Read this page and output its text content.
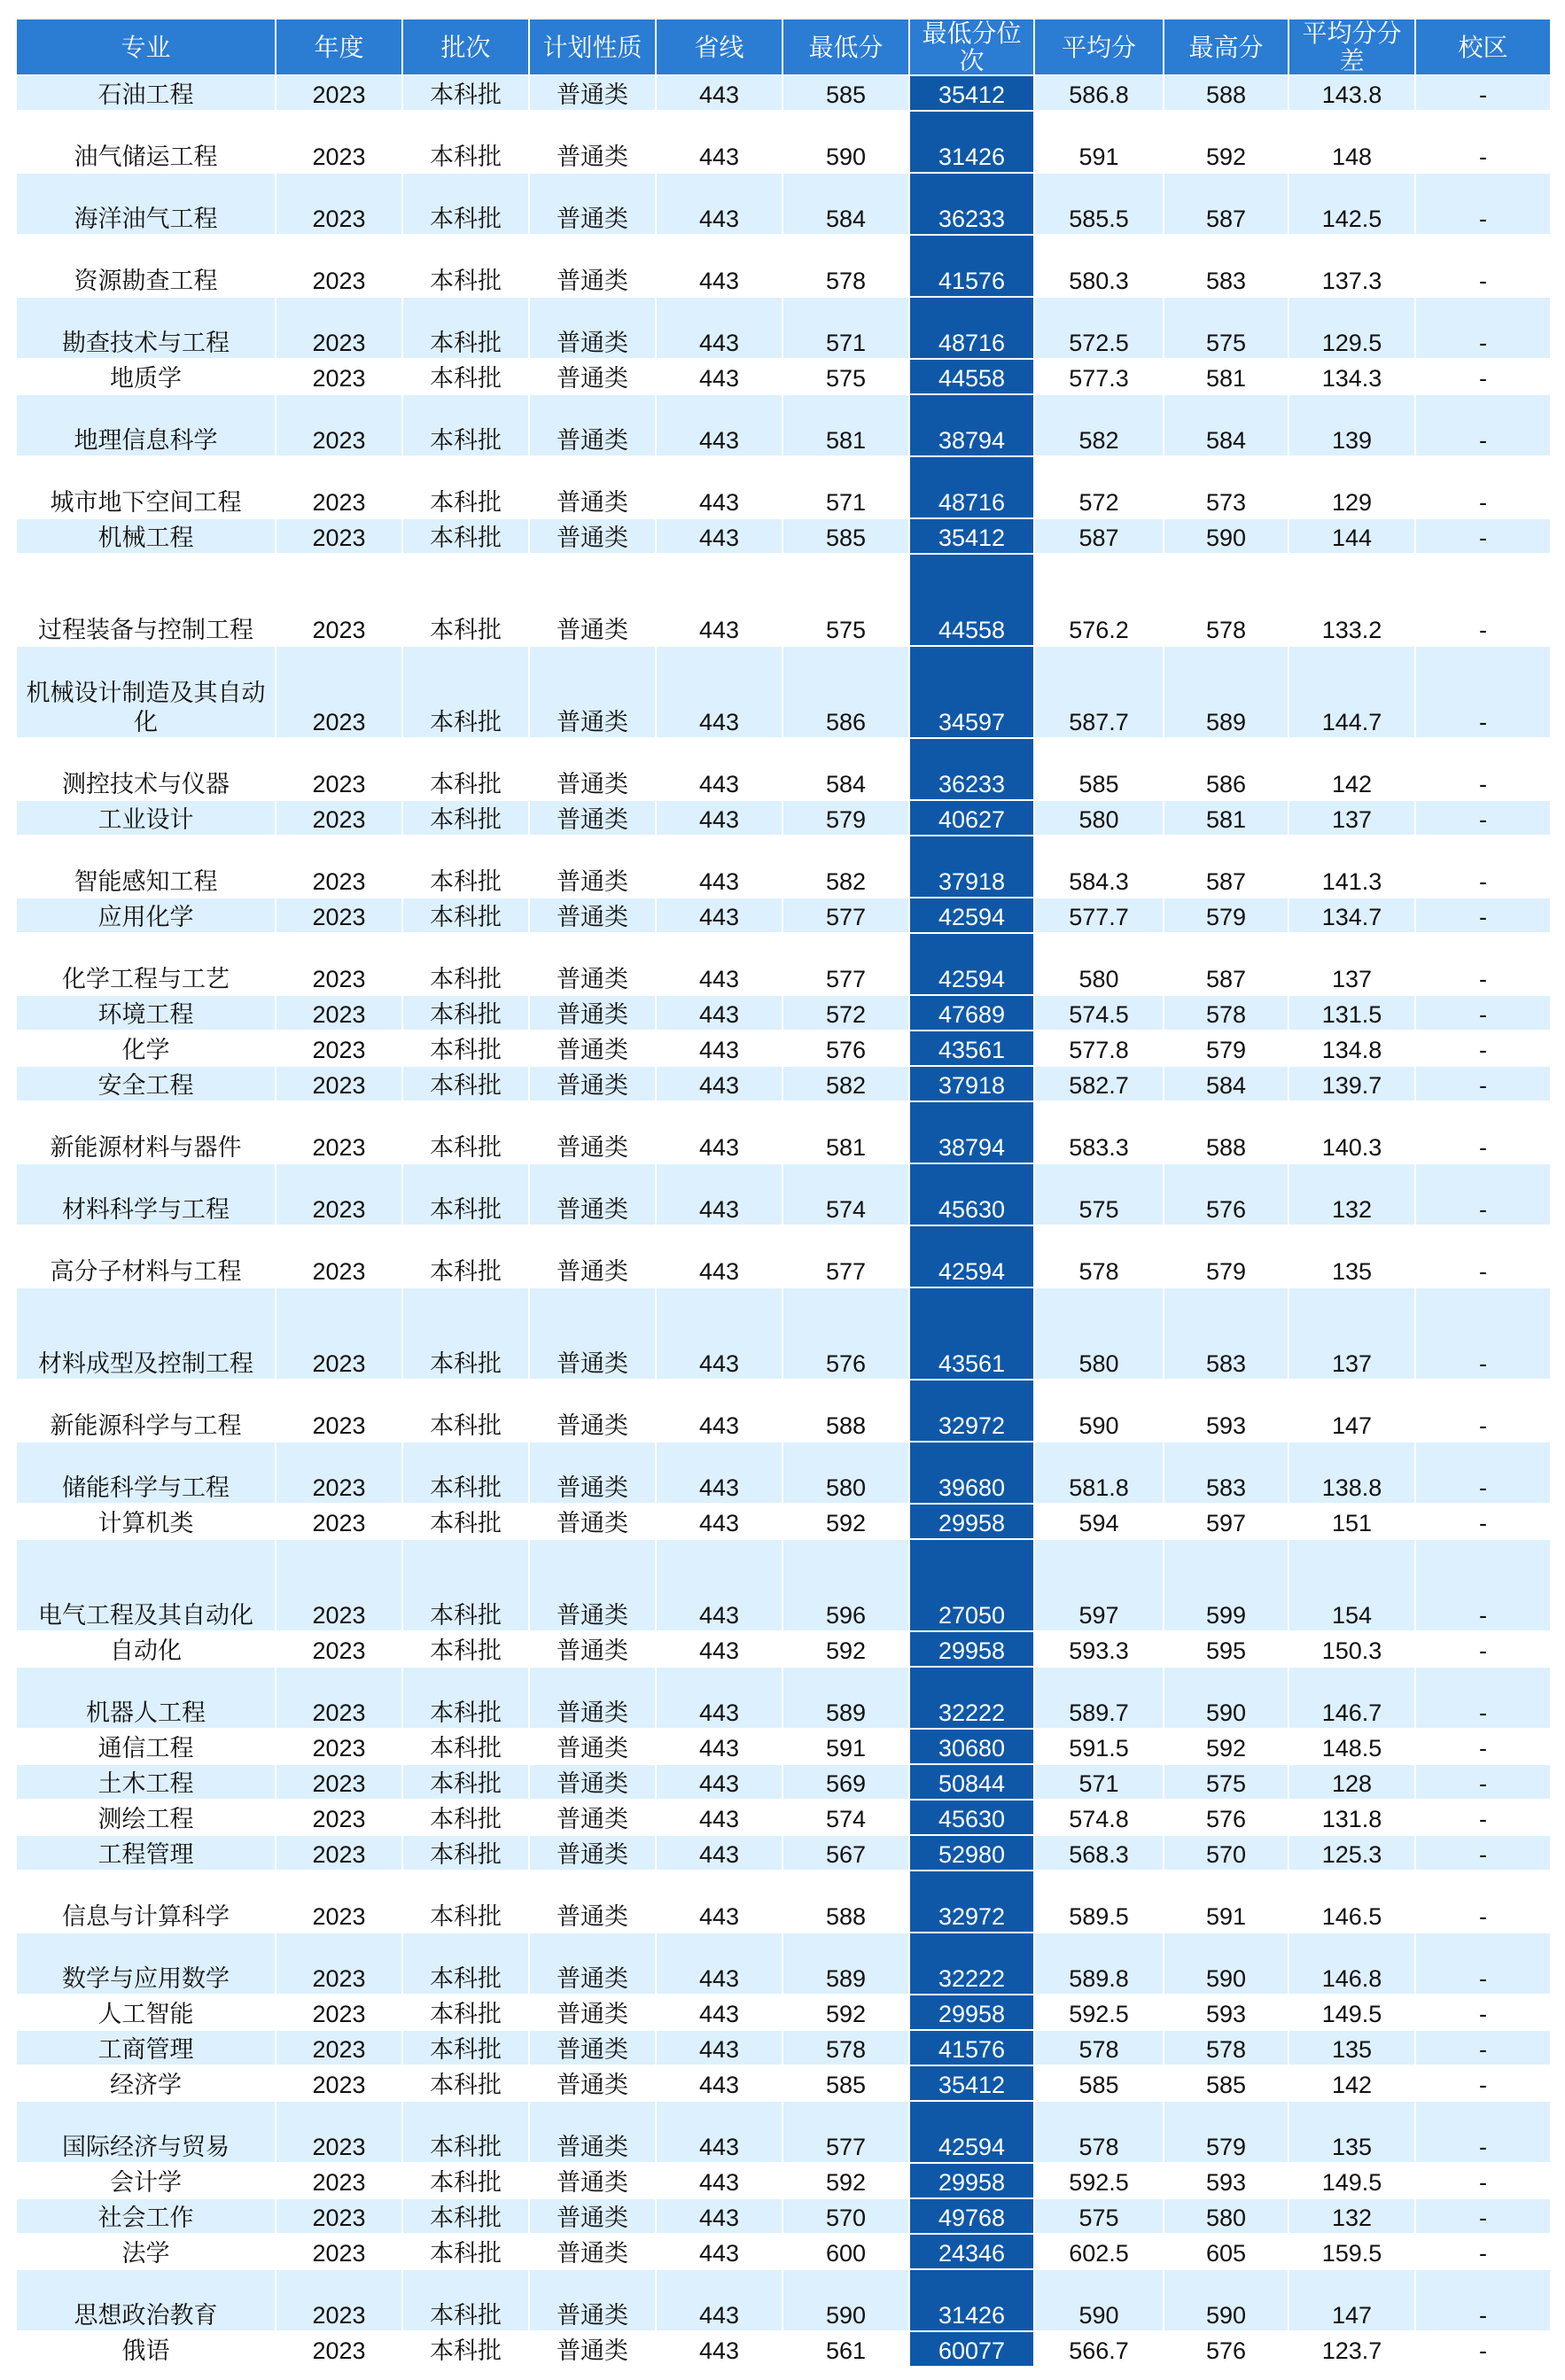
专业	年度	批次	计划性质	省线	最低分	最低分位次	平均分	最高分	平均分分差	校区
石油工程	2023	本科批	普通类	443	585	35412	586.8	588	143.8	-
油气储运工程	2023	本科批	普通类	443	590	31426	591	592	148	-
海洋油气工程	2023	本科批	普通类	443	584	36233	585.5	587	142.5	-
资源勘查工程	2023	本科批	普通类	443	578	41576	580.3	583	137.3	-
勘查技术与工程	2023	本科批	普通类	443	571	48716	572.5	575	129.5	-
地质学	2023	本科批	普通类	443	575	44558	577.3	581	134.3	-
地理信息科学	2023	本科批	普通类	443	581	38794	582	584	139	-
城市地下空间工程	2023	本科批	普通类	443	571	48716	572	573	129	-
机械工程	2023	本科批	普通类	443	585	35412	587	590	144	-
过程装备与控制工程	2023	本科批	普通类	443	575	44558	576.2	578	133.2	-
机械设计制造及其自动化	2023	本科批	普通类	443	586	34597	587.7	589	144.7	-
测控技术与仪器	2023	本科批	普通类	443	584	36233	585	586	142	-
工业设计	2023	本科批	普通类	443	579	40627	580	581	137	-
智能感知工程	2023	本科批	普通类	443	582	37918	584.3	587	141.3	-
应用化学	2023	本科批	普通类	443	577	42594	577.7	579	134.7	-
化学工程与工艺	2023	本科批	普通类	443	577	42594	580	587	137	-
环境工程	2023	本科批	普通类	443	572	47689	574.5	578	131.5	-
化学	2023	本科批	普通类	443	576	43561	577.8	579	134.8	-
安全工程	2023	本科批	普通类	443	582	37918	582.7	584	139.7	-
新能源材料与器件	2023	本科批	普通类	443	581	38794	583.3	588	140.3	-
材料科学与工程	2023	本科批	普通类	443	574	45630	575	576	132	-
高分子材料与工程	2023	本科批	普通类	443	577	42594	578	579	135	-
材料成型及控制工程	2023	本科批	普通类	443	576	43561	580	583	137	-
新能源科学与工程	2023	本科批	普通类	443	588	32972	590	593	147	-
储能科学与工程	2023	本科批	普通类	443	580	39680	581.8	583	138.8	-
计算机类	2023	本科批	普通类	443	592	29958	594	597	151	-
电气工程及其自动化	2023	本科批	普通类	443	596	27050	597	599	154	-
自动化	2023	本科批	普通类	443	592	29958	593.3	595	150.3	-
机器人工程	2023	本科批	普通类	443	589	32222	589.7	590	146.7	-
通信工程	2023	本科批	普通类	443	591	30680	591.5	592	148.5	-
土木工程	2023	本科批	普通类	443	569	50844	571	575	128	-
测绘工程	2023	本科批	普通类	443	574	45630	574.8	576	131.8	-
工程管理	2023	本科批	普通类	443	567	52980	568.3	570	125.3	-
信息与计算科学	2023	本科批	普通类	443	588	32972	589.5	591	146.5	-
数学与应用数学	2023	本科批	普通类	443	589	32222	589.8	590	146.8	-
人工智能	2023	本科批	普通类	443	592	29958	592.5	593	149.5	-
工商管理	2023	本科批	普通类	443	578	41576	578	578	135	-
经济学	2023	本科批	普通类	443	585	35412	585	585	142	-
国际经济与贸易	2023	本科批	普通类	443	577	42594	578	579	135	-
会计学	2023	本科批	普通类	443	592	29958	592.5	593	149.5	-
社会工作	2023	本科批	普通类	443	570	49768	575	580	132	-
法学	2023	本科批	普通类	443	600	24346	602.5	605	159.5	-
思想政治教育	2023	本科批	普通类	443	590	31426	590	590	147	-
俄语	2023	本科批	普通类	443	561	60077	566.7	576	123.7	-
